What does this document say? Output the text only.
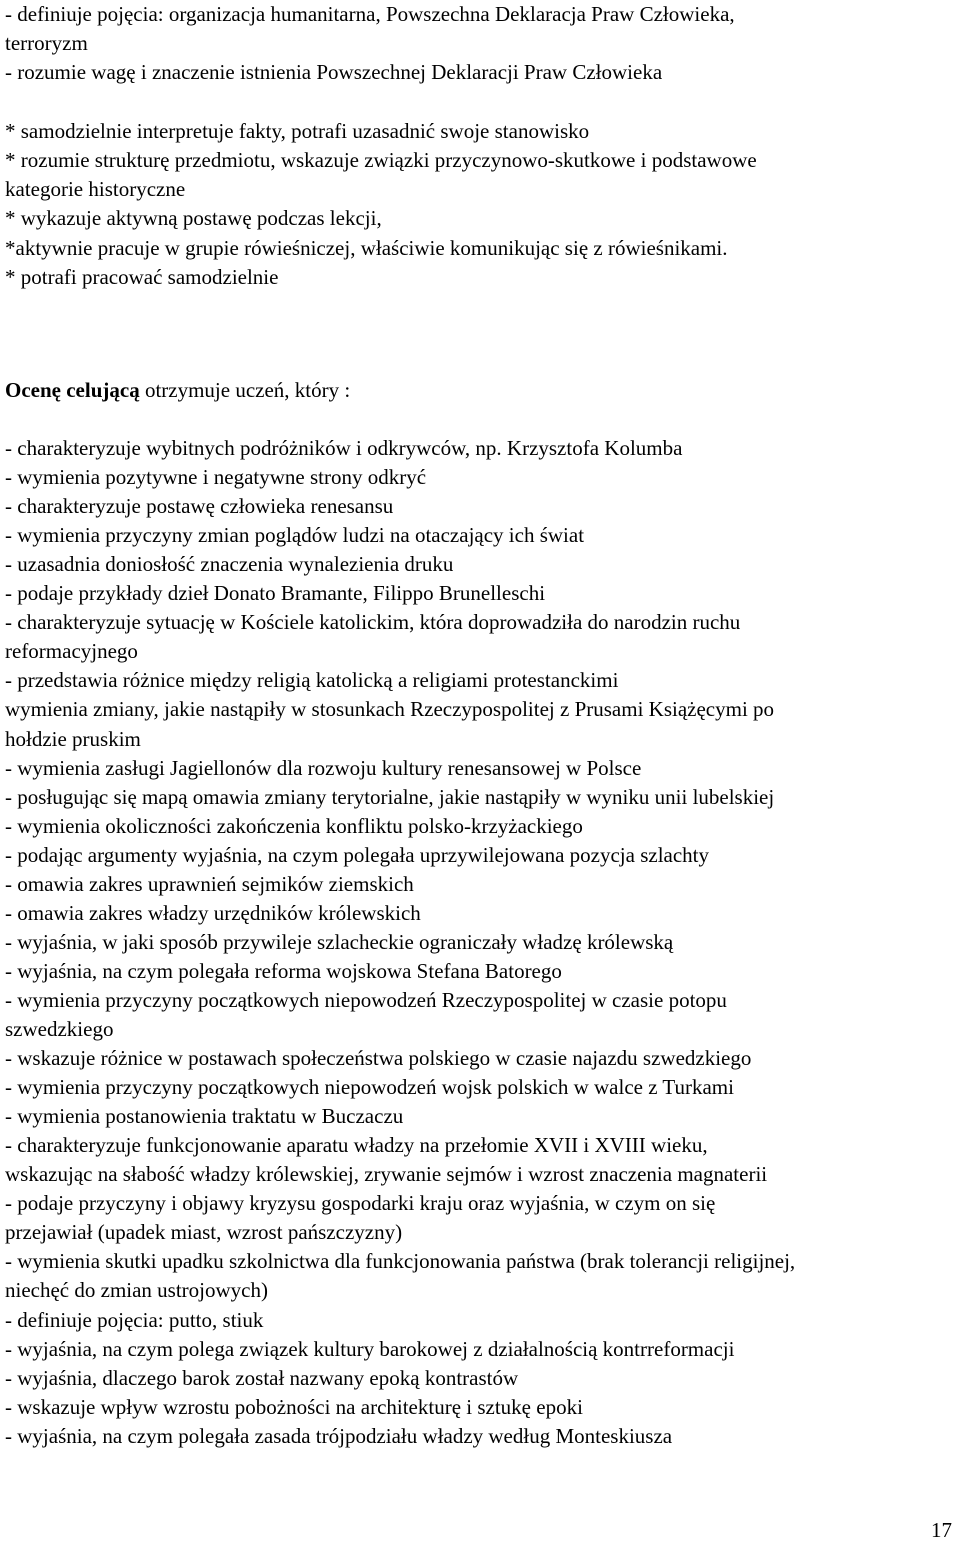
- definiuje pojęcia: organizacja humanitarna, Powszechna Deklaracja Praw Człowieka,
terroryzm
- rozumie wagę i znaczenie istnienia Powszechnej Deklaracji Praw Człowieka
* samodzielnie interpretuje fakty, potrafi uzasadnić swoje stanowisko
* rozumie strukturę przedmiotu, wskazuje związki przyczynowo-skutkowe i podstawowe
kategorie historyczne
* wykazuje aktywną postawę podczas lekcji,
*aktywnie pracuje w grupie rówieśniczej, właściwie komunikując się z rówieśnikami.
* potrafi pracować samodzielnie
Ocenę celującą otrzymuje uczeń, który :
- charakteryzuje wybitnych podróżników i odkrywców, np. Krzysztofa Kolumba
- wymienia pozytywne i negatywne strony odkryć
- charakteryzuje postawę człowieka renesansu
- wymienia przyczyny zmian poglądów ludzi na otaczający ich świat
- uzasadnia doniosłość znaczenia wynalezienia druku
- podaje przykłady dzieł Donato Bramante, Filippo Brunelleschi
- charakteryzuje sytuację w Kościele katolickim, która doprowadziła do narodzin ruchu
reformacyjnego
- przedstawia różnice między religią katolicką a religiami protestanckimi
wymienia zmiany, jakie nastąpiły w stosunkach Rzeczypospolitej z Prusami Książęcymi po
hołdzie pruskim
- wymienia zasługi Jagiellonów dla rozwoju kultury renesansowej w Polsce
- posługując się mapą omawia zmiany terytorialne, jakie nastąpiły w wyniku unii lubelskiej
- wymienia okoliczności zakończenia konfliktu polsko-krzyżackiego
- podając argumenty wyjaśnia, na czym polegała uprzywilejowana pozycja szlachty
- omawia zakres uprawnień sejmików ziemskich
- omawia zakres władzy urzędników królewskich
- wyjaśnia, w jaki sposób przywileje szlacheckie ograniczały władzę królewską
- wyjaśnia, na czym polegała reforma wojskowa Stefana Batorego
- wymienia przyczyny początkowych niepowodzeń Rzeczypospolitej w czasie potopu
szwedzkiego
- wskazuje różnice w postawach społeczeństwa polskiego w czasie najazdu szwedzkiego
- wymienia przyczyny początkowych niepowodzeń wojsk polskich w walce z Turkami
- wymienia postanowienia traktatu w Buczaczu
- charakteryzuje funkcjonowanie aparatu władzy na przełomie XVII i XVIII wieku,
wskazując na słabość władzy królewskiej, zrywanie sejmów i wzrost znaczenia magnaterii
- podaje przyczyny i objawy kryzysu gospodarki kraju oraz wyjaśnia, w czym on się
przejawiał (upadek miast, wzrost pańszczyzny)
- wymienia skutki upadku szkolnictwa dla funkcjonowania państwa (brak tolerancji religijnej,
niechęć do zmian ustrojowych)
- definiuje pojęcia: putto, stiuk
- wyjaśnia, na czym polega związek kultury barokowej z działalnością kontrreformacji
- wyjaśnia, dlaczego barok został nazwany epoką kontrastów
- wskazuje wpływ wzrostu pobożności na architekturę i sztukę epoki
- wyjaśnia, na czym polegała zasada trójpodziału władzy według Monteskiusza
17
